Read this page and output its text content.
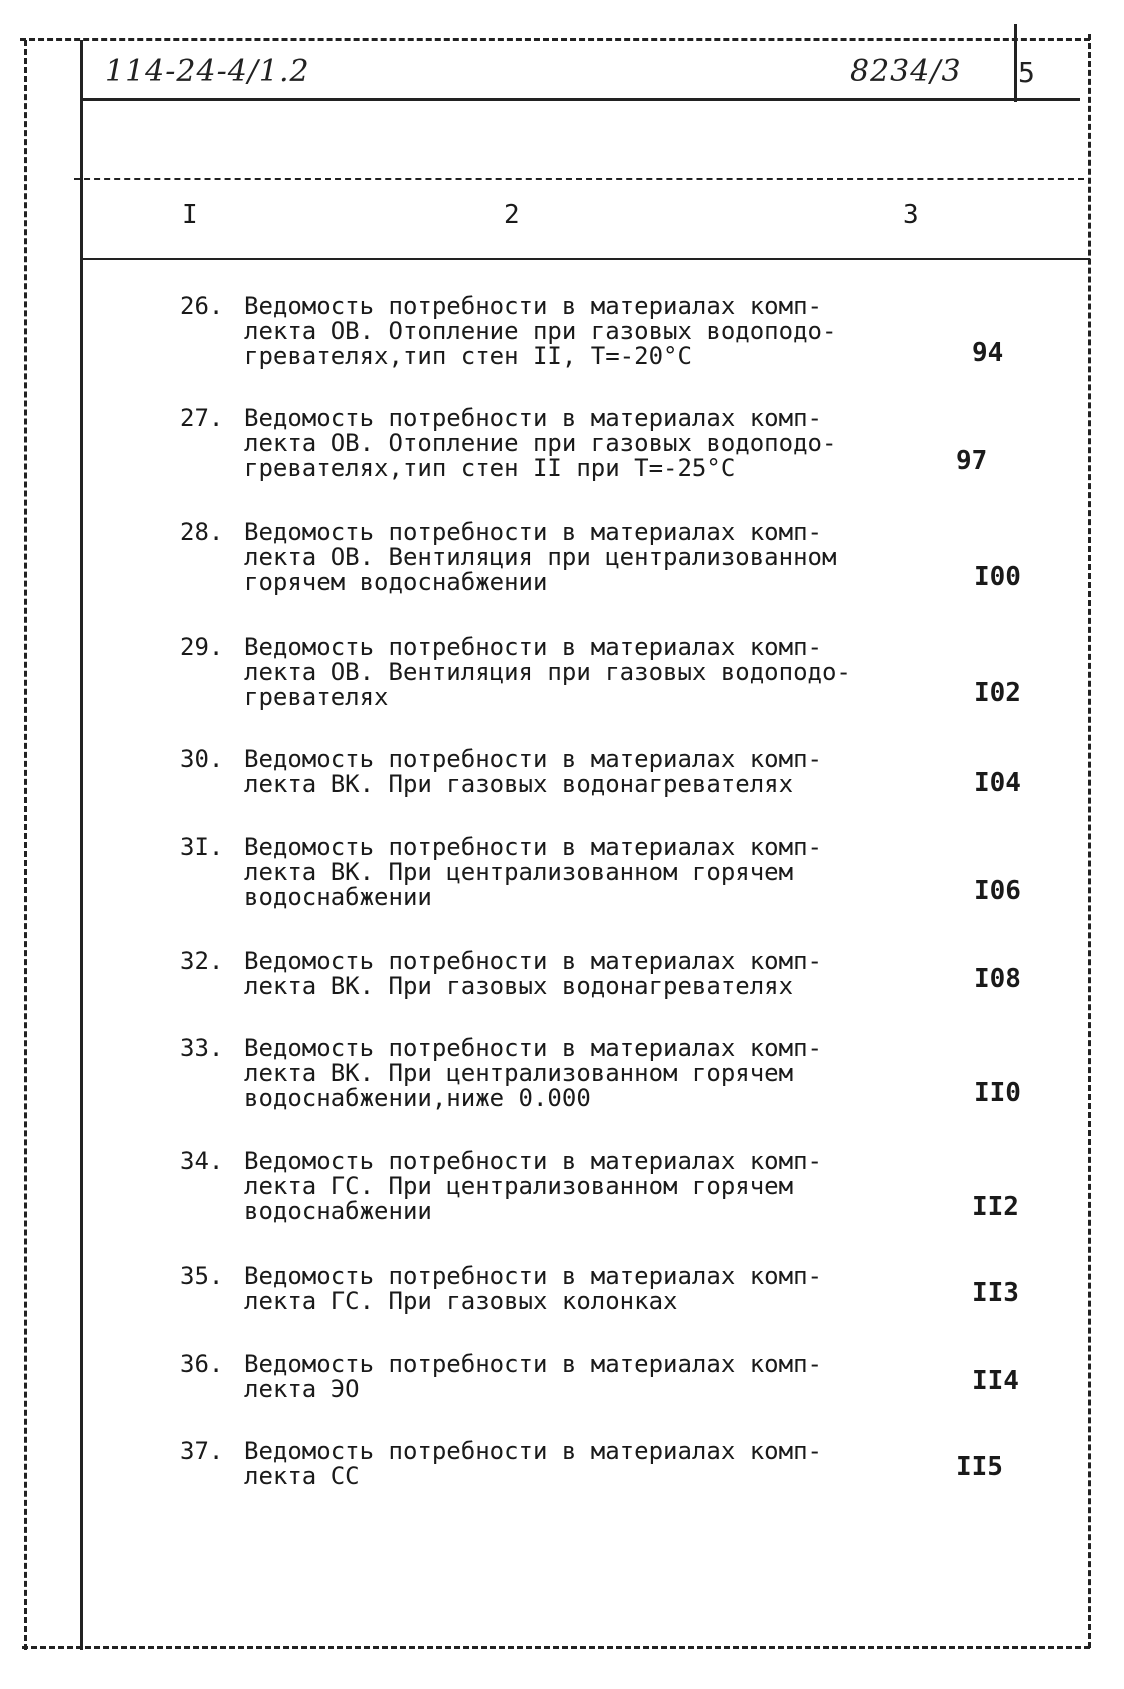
114-24-4/1.2	8234/3 5
I	2	3
26. Ведомость потребности в материалах комп-
лекта ОВ. Отопление при газовых водоподо-
гревателях,тип стен II, T=-20°C	94
27. Ведомость потребности в материалах комп-
лекта ОВ. Отопление при газовых водоподо-
гревателях,тип стен II при T=-25°C	97
28. Ведомость потребности в материалах комп-
лекта ОВ. Вентиляция при централизованном
горячем водоснабжении	I00
29. Ведомость потребности в материалах комп-
лекта ОВ. Вентиляция при газовых водоподо-
гревателях	I02
30. Ведомость потребности в материалах комп-
лекта ВК. При газовых водонагревателях	I04
3I. Ведомость потребности в материалах комп-
лекта ВК. При централизованном горячем
водоснабжении	I06
32. Ведомость потребности в материалах комп-
лекта ВК. При газовых водонагревателях	I08
33. Ведомость потребности в материалах комп-
лекта ВК. При централизованном горячем
водоснабжении,ниже 0.000	II0
34. Ведомость потребности в материалах комп-
лекта ГС. При централизованном горячем
водоснабжении	II2
35. Ведомость потребности в материалах комп-
лекта ГС. При газовых колонках	II3
36. Ведомость потребности в материалах комп-
лекта ЭО	II4
37. Ведомость потребности в материалах комп-
лекта СС	II5
